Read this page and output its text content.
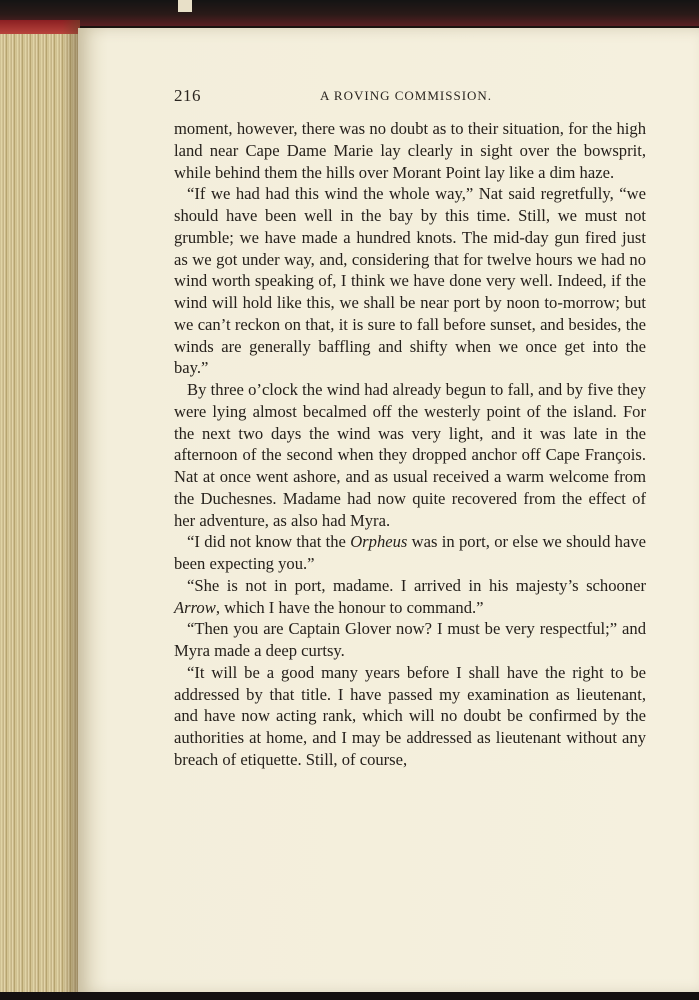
216	A ROVING COMMISSION.

moment, however, there was no doubt as to their situation, for the high land near Cape Dame Marie lay clearly in sight over the bowsprit, while behind them the hills over Morant Point lay like a dim haze.

“If we had had this wind the whole way,” Nat said regretfully, “we should have been well in the bay by this time. Still, we must not grumble; we have made a hundred knots. The mid-day gun fired just as we got under way, and, considering that for twelve hours we had no wind worth speaking of, I think we have done very well. Indeed, if the wind will hold like this, we shall be near port by noon to-morrow; but we can’t reckon on that, it is sure to fall before sunset, and besides, the winds are generally baffling and shifty when we once get into the bay.”

By three o’clock the wind had already begun to fall, and by five they were lying almost becalmed off the westerly point of the island. For the next two days the wind was very light, and it was late in the afternoon of the second when they dropped anchor off Cape François. Nat at once went ashore, and as usual received a warm welcome from the Duchesnes. Madame had now quite recovered from the effect of her adventure, as also had Myra.

“I did not know that the Orpheus was in port, or else we should have been expecting you.”

“She is not in port, madame. I arrived in his majesty’s schooner Arrow, which I have the honour to command.”

“Then you are Captain Glover now? I must be very respectful;” and Myra made a deep curtsy.

“It will be a good many years before I shall have the right to be addressed by that title. I have passed my examination as lieutenant, and have now acting rank, which will no doubt be confirmed by the authorities at home, and I may be addressed as lieutenant without any breach of etiquette. Still, of course,
